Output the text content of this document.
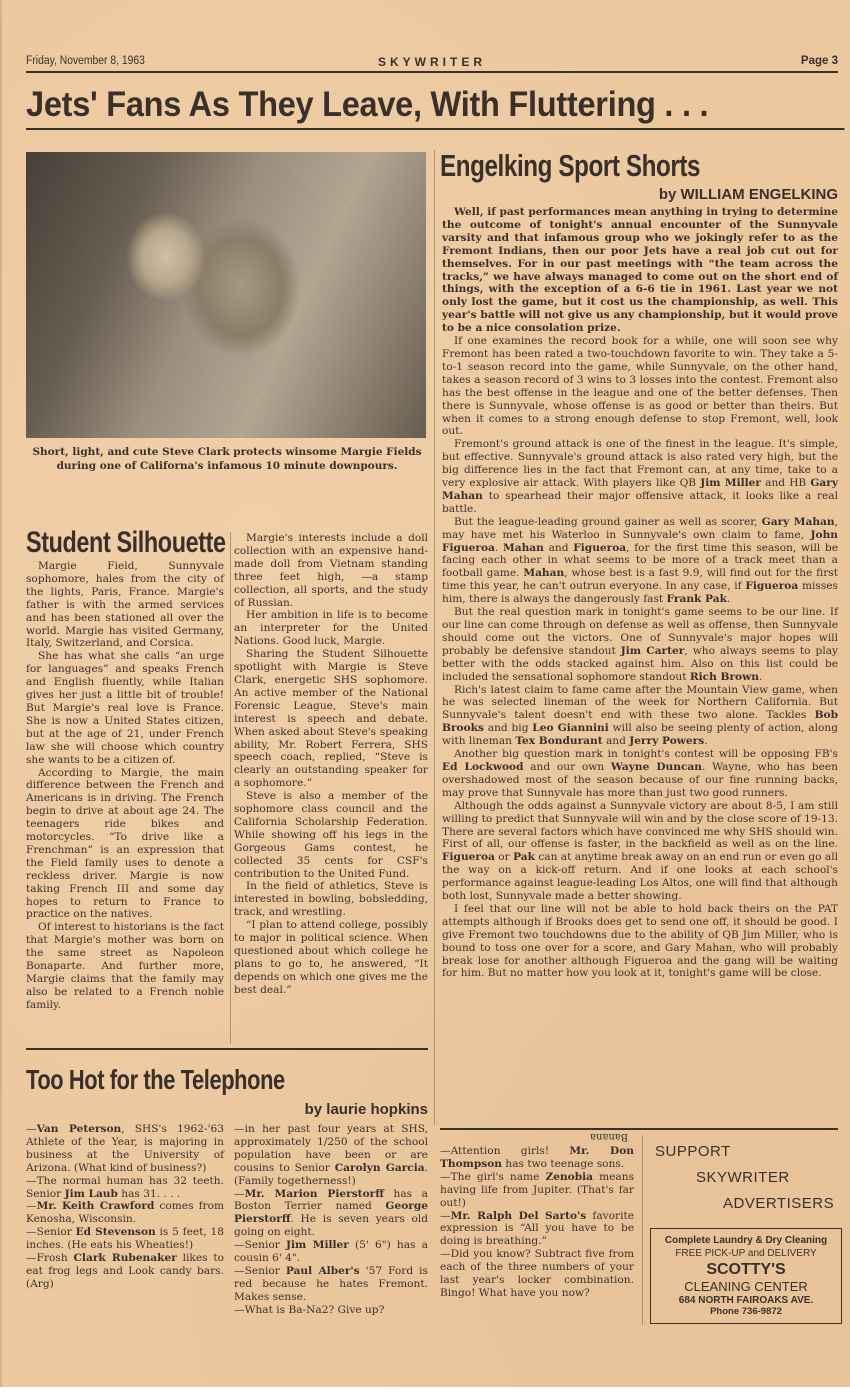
Friday, November 8, 1963	SKYWRITER	Page 3
Jets' Fans As They Leave, With Fluttering . . .
Short, light, and cute Steve Clark protects winsome Margie Fields during one of Californa's infamous 10 minute downpours.
Student Silhouette

Margie Field, Sunnyvale sophomore, hales from the city of the lights, Paris, France. Margie's father is with the armed services and has been stationed all over the world. Margie has visited Germany, Italy, Switzerland, and Corsica.

She has what she calls “an urge for languages” and speaks French and English fluently, while Italian gives her just a little bit of trouble! But Margie's real love is France. She is now a United States citizen, but at the age of 21, under French law she will choose which country she wants to be a citizen of.

According to Margie, the main difference between the French and Americans is in driving. The French begin to drive at about age 24. The teenagers ride bikes and motorcycles. “To drive like a Frenchman” is an expression that the Field family uses to denote a reckless driver. Margie is now taking French III and some day hopes to return to France to practice on the natives.

Of interest to historians is the fact that Margie's mother was born on the same street as Napoleon Bonaparte. And further more, Margie claims that the family may also be related to a French noble family.

Margie's interests include a doll collection with an expensive hand-made doll from Vietnam standing three feet high, —a stamp collection, all sports, and the study of Russian.

Her ambition in life is to become an interpreter for the United Nations. Good luck, Margie.

Sharing the Student Silhouette spotlight with Margie is Steve Clark, energetic SHS sophomore. An active member of the National Forensic League, Steve's main interest is speech and debate. When asked about Steve's speaking ability, Mr. Robert Ferrera, SHS speech coach, replied, “Steve is clearly an outstanding speaker for a sophomore.”

Steve is also a member of the sophomore class council and the California Scholarship Federation. While showing off his legs in the Gorgeous Gams contest, he collected 35 cents for CSF's contribution to the United Fund.

In the field of athletics, Steve is interested in bowling, bobsledding, track, and wrestling.

“I plan to attend college, possibly to major in political science. When questioned about which college he plans to go to, he answered, “It depends on which one gives me the best deal.”

Engelking Sport Shorts
by WILLIAM ENGELKING

Well, if past performances mean anything in trying to determine the outcome of tonight's annual encounter of the Sunnyvale varsity and that infamous group who we jokingly refer to as the Fremont Indians, then our poor Jets have a real job cut out for themselves. For in our past meetings with “the team across the tracks,” we have always managed to come out on the short end of things, with the exception of a 6-6 tie in 1961. Last year we not only lost the game, but it cost us the championship, as well. This year's battle will not give us any championship, but it would prove to be a nice consolation prize.

If one examines the record book for a while, one will soon see why Fremont has been rated a two-touchdown favorite to win. They take a 5-to-1 season record into the game, while Sunnyvale, on the other hand, takes a season record of 3 wins to 3 losses into the contest. Fremont also has the best offense in the league and one of the better defenses. Then there is Sunnyvale, whose offense is as good or better than theirs. But when it comes to a strong enough defense to stop Fremont, well, look out.

Fremont's ground attack is one of the finest in the league. It's simple, but effective. Sunnyvale's ground attack is also rated very high, but the big difference lies in the fact that Fremont can, at any time, take to a very explosive air attack. With players like QB Jim Miller and HB Gary Mahan to spearhead their major offensive attack, it looks like a real battle.

But the league-leading ground gainer as well as scorer, Gary Mahan, may have met his Waterloo in Sunnyvale's own claim to fame, John Figueroa. Mahan and Figueroa, for the first time this season, will be facing each other in what seems to be more of a track meet than a football game. Mahan, whose best is a fast 9.9, will find out for the first time this year, he can't outrun everyone. In any case, if Figueroa misses him, there is always the dangerously fast Frank Pak.

But the real question mark in tonight's game seems to be our line. If our line can come through on defense as well as offense, then Sunnyvale should come out the victors. One of Sunnyvale's major hopes will probably be defensive standout Jim Carter, who always seems to play better with the odds stacked against him. Also on this list could be included the sensational sophomore standout Rich Brown.

Rich's latest claim to fame came after the Mountain View game, when he was selected lineman of the week for Northern California. But Sunnyvale's talent doesn't end with these two alone. Tackles Bob Brooks and big Leo Giannini will also be seeing plenty of action, along with lineman Tex Bondurant and Jerry Powers.

Another big question mark in tonight's contest will be opposing FB's Ed Lockwood and our own Wayne Duncan. Wayne, who has been overshadowed most of the season because of our fine running backs, may prove that Sunnyvale has more than just two good runners.

Although the odds against a Sunnyvale victory are about 8-5, I am still willing to predict that Sunnyvale will win and by the close score of 19-13. There are several factors which have convinced me why SHS should win. First of all, our offense is faster, in the backfield as well as on the line. Figueroa or Pak can at anytime break away on an end run or even go all the way on a kick-off return. And if one looks at each school's performance against league-leading Los Altos, one will find that although both lost, Sunnyvale made a better showing.

I feel that our line will not be able to hold back theirs on the PAT attempts although if Brooks does get to send one off, it should be good. I give Fremont two touchdowns due to the ability of QB Jim Miller, who is bound to toss one over for a score, and Gary Mahan, who will probably break lose for another although Figueroa and the gang will be waiting for him. But no matter how you look at it, tonight's game will be close.

Too Hot for the Telephone
by laurie hopkins

—Van Peterson, SHS's 1962-'63 Athlete of the Year, is majoring in business at the University of Arizona. (What kind of business?)

—The normal human has 32 teeth. Senior Jim Laub has 31. . . .

—Mr. Keith Crawford comes from Kenosha, Wisconsin.

—Senior Ed Stevenson is 5 feet, 18 inches. (He eats his Wheaties!)

—Frosh Clark Rubenaker likes to eat frog legs and Look candy bars. (Arg)

—in her past four years at SHS, approximately 1/250 of the school population have been or are cousins to Senior Carolyn Garcia. (Family togetherness!)

—Mr. Marion Pierstorff has a Boston Terrier named George Pierstorff. He is seven years old going on eight.

—Senior Jim Miller (5' 6") has a cousin 6' 4".

—Senior Paul Alber's '57 Ford is red because he hates Fremont. Makes sense.

—What is Ba-Na2? Give up?

Banana

—Attention girls! Mr. Don Thompson has two teenage sons.

—The girl's name Zenobia means having life from Jupiter. (That's far out!)

—Mr. Ralph Del Sarto's favorite expression is “All you have to be doing is breathing.”

—Did you know? Subtract five from each of the three numbers of your last year's locker combination. Bingo! What have you now?

SUPPORT
SKYWRITER
ADVERTISERS
Complete Laundry & Dry Cleaning
FREE PICK-UP and DELIVERY
SCOTTY'S
CLEANING CENTER
684 NORTH FAIROAKS AVE.
Phone 736-9872
